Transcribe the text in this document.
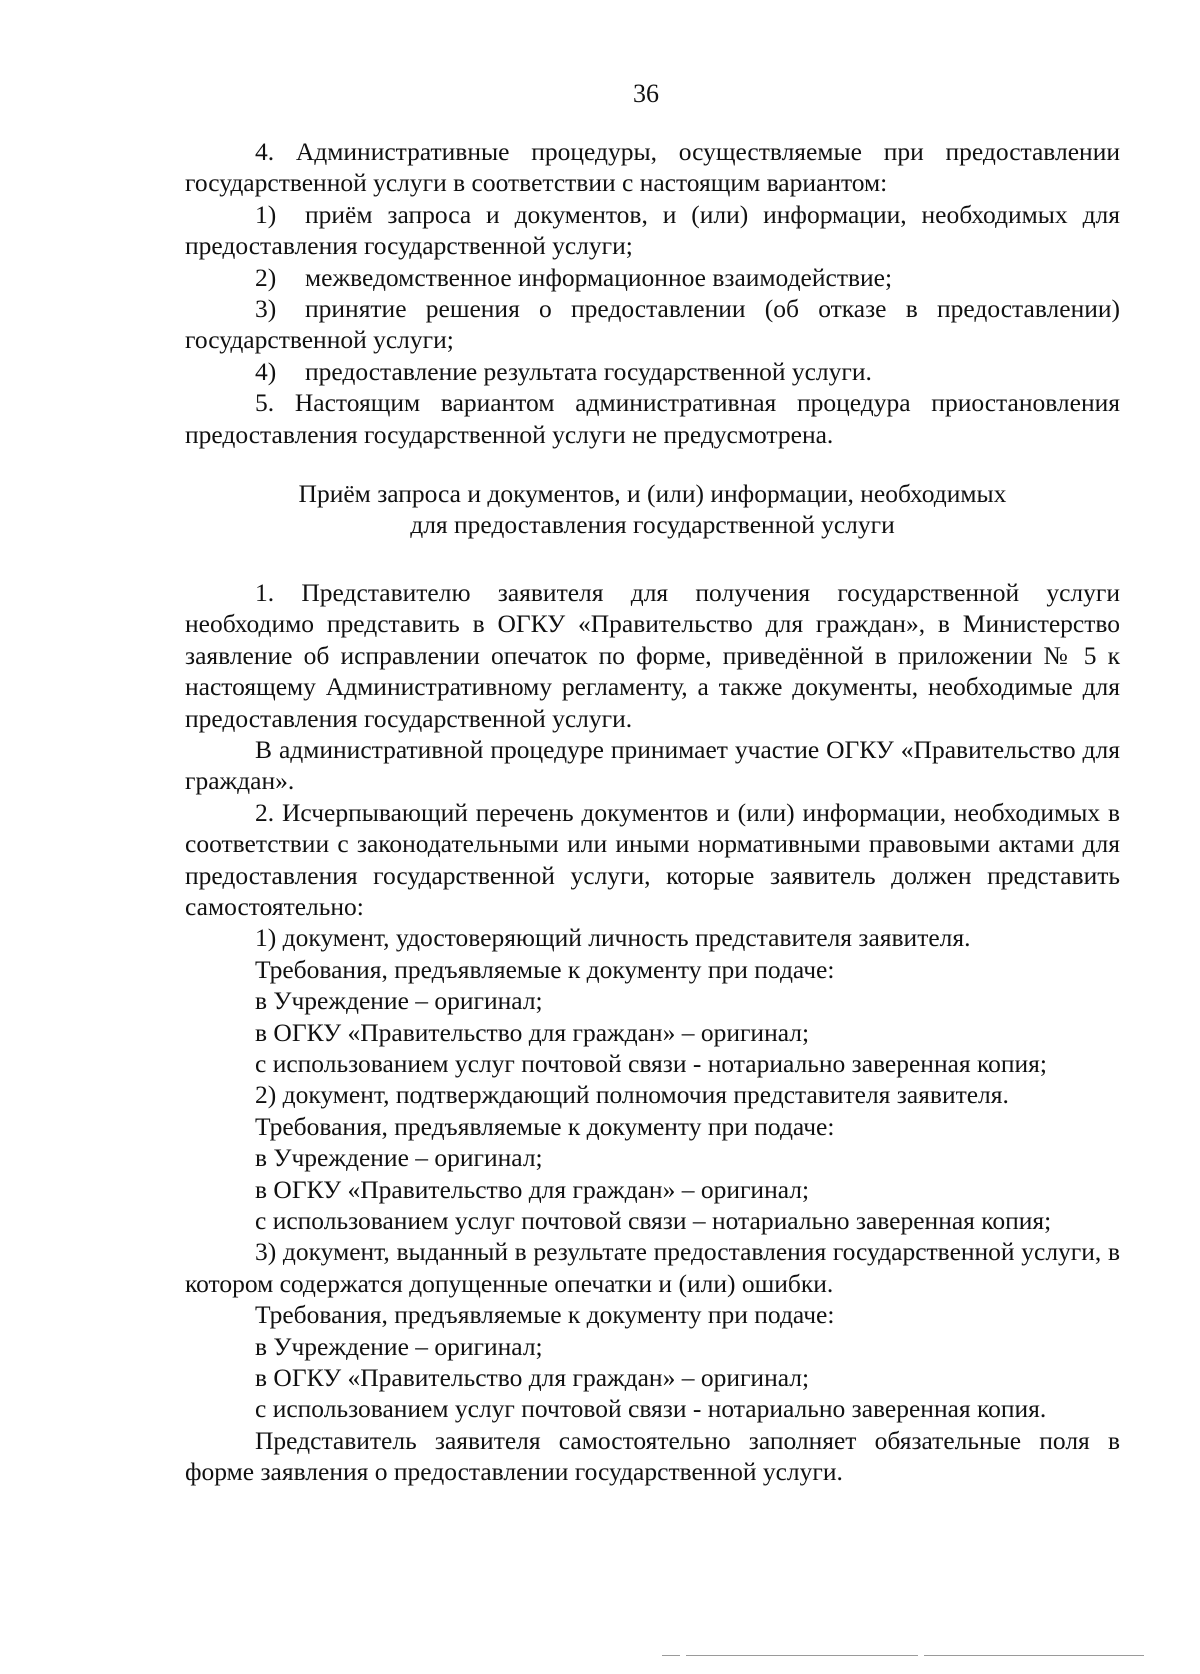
36

4. Административные процедуры, осуществляемые при предоставлении государственной услуги в соответствии с настоящим вариантом:

1) приём запроса и документов, и (или) информации, необходимых для предоставления государственной услуги;

2) межведомственное информационное взаимодействие;

3) принятие решения о предоставлении (об отказе в предоставлении) государственной услуги;

4) предоставление результата государственной услуги.

5. Настоящим вариантом административная процедура приостановления предоставления государственной услуги не предусмотрена.

Приём запроса и документов, и (или) информации, необходимых
для предоставления государственной услуги

1. Представителю заявителя для получения государственной услуги необходимо представить в ОГКУ «Правительство для граждан», в Министерство заявление об исправлении опечаток по форме, приведённой в приложении № 5 к настоящему Административному регламенту, а также документы, необходимые для предоставления государственной услуги.

В административной процедуре принимает участие ОГКУ «Правительство для граждан».

2. Исчерпывающий перечень документов и (или) информации, необходимых в соответствии с законодательными или иными нормативными правовыми актами для предоставления государственной услуги, которые заявитель должен представить самостоятельно:

1) документ, удостоверяющий личность представителя заявителя.

Требования, предъявляемые к документу при подаче:

в Учреждение – оригинал;

в ОГКУ «Правительство для граждан» – оригинал;

с использованием услуг почтовой связи - нотариально заверенная копия;

2) документ, подтверждающий полномочия представителя заявителя.

Требования, предъявляемые к документу при подаче:

в Учреждение – оригинал;

в ОГКУ «Правительство для граждан» – оригинал;

с использованием услуг почтовой связи – нотариально заверенная копия;

3) документ, выданный в результате предоставления государственной услуги, в котором содержатся допущенные опечатки и (или) ошибки.

Требования, предъявляемые к документу при подаче:

в Учреждение – оригинал;

в ОГКУ «Правительство для граждан» – оригинал;

с использованием услуг почтовой связи - нотариально заверенная копия.

Представитель заявителя самостоятельно заполняет обязательные поля в форме заявления о предоставлении государственной услуги.
